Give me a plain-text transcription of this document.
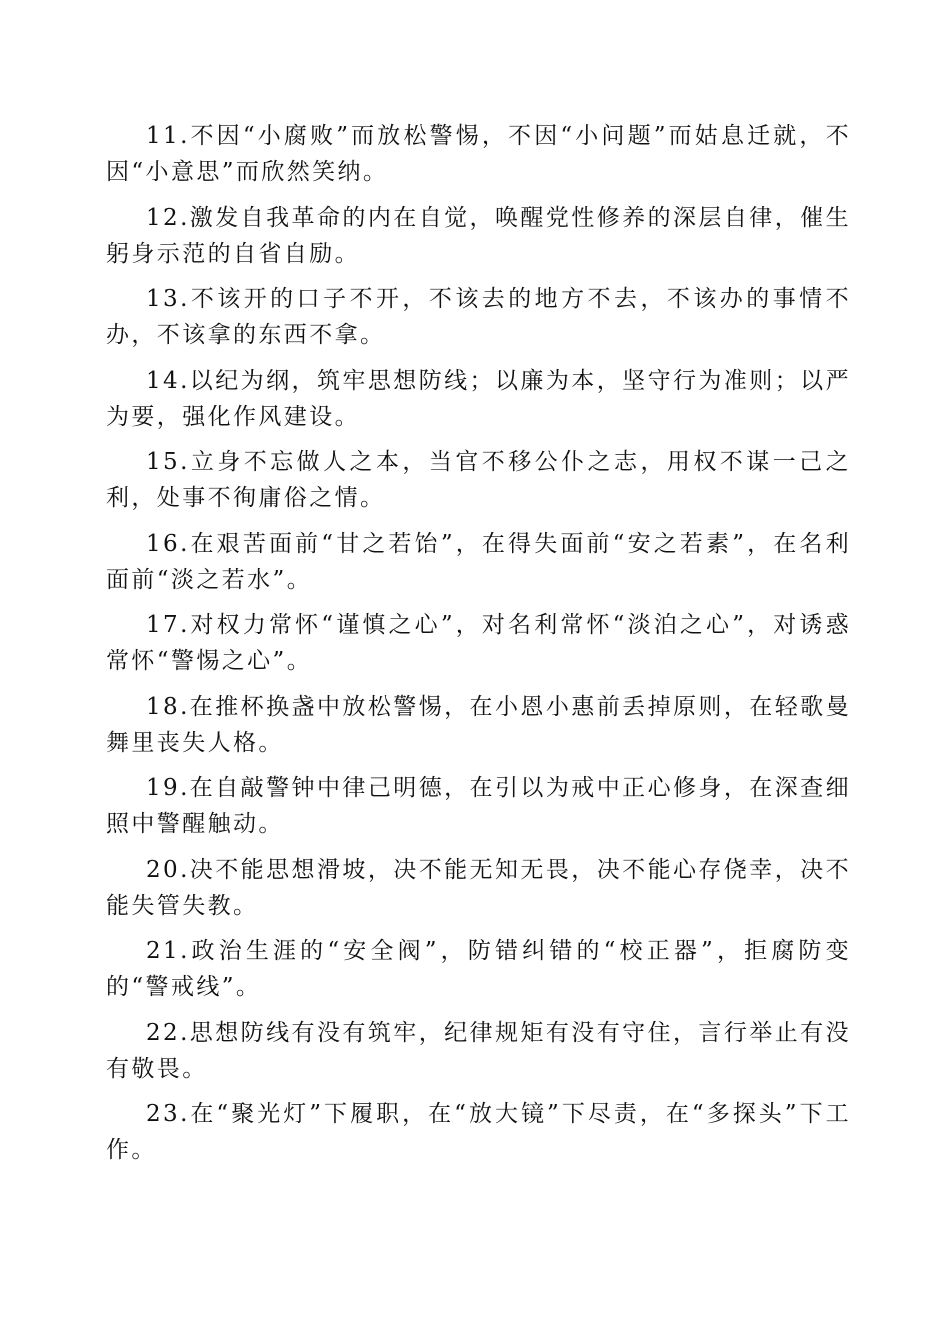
11.不因“小腐败”而放松警惕，不因“小问题”而姑息迁就，不因“小意思”而欣然笑纳。

12.激发自我革命的内在自觉，唤醒党性修养的深层自律，催生躬身示范的自省自励。

13.不该开的口子不开，不该去的地方不去，不该办的事情不办，不该拿的东西不拿。

14.以纪为纲，筑牢思想防线；以廉为本，坚守行为准则；以严为要，强化作风建设。

15.立身不忘做人之本，当官不移公仆之志，用权不谋一己之利，处事不徇庸俗之情。

16.在艰苦面前“甘之若饴”，在得失面前“安之若素”，在名利面前“淡之若水”。

17.对权力常怀“谨慎之心”，对名利常怀“淡泊之心”，对诱惑常怀“警惕之心”。

18.在推杯换盏中放松警惕，在小恩小惠前丢掉原则，在轻歌曼舞里丧失人格。

19.在自敲警钟中律己明德，在引以为戒中正心修身，在深查细照中警醒触动。

20.决不能思想滑坡，决不能无知无畏，决不能心存侥幸，决不能失管失教。

21.政治生涯的“安全阀”，防错纠错的“校正器”，拒腐防变的“警戒线”。

22.思想防线有没有筑牢，纪律规矩有没有守住，言行举止有没有敬畏。

23.在“聚光灯”下履职，在“放大镜”下尽责，在“多探头”下工作。
